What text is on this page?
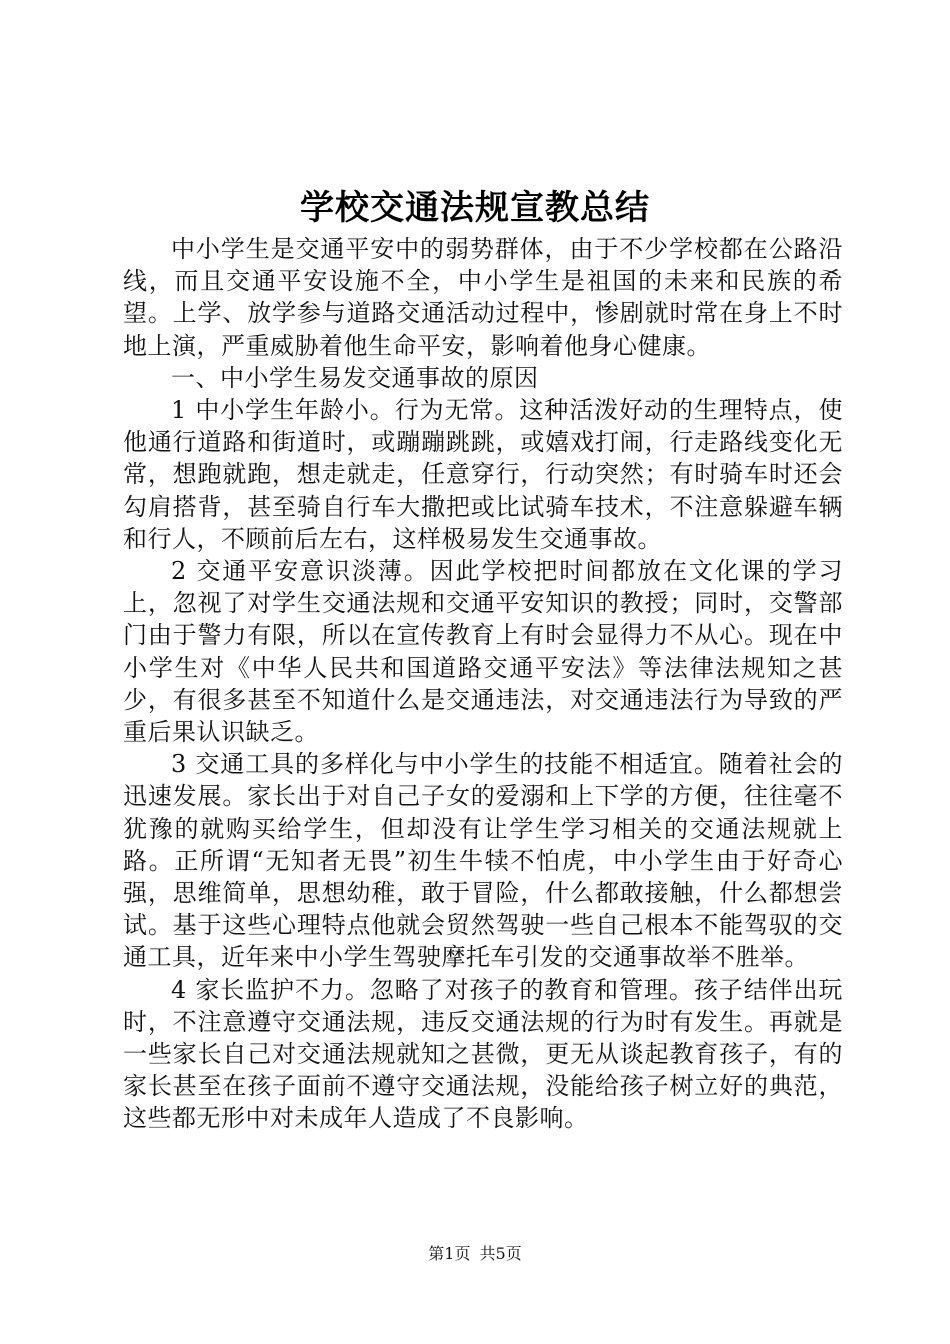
学校交通法规宣教总结

中小学生是交通平安中的弱势群体，由于不少学校都在公路沿线，而且交通平安设施不全，中小学生是祖国的未来和民族的希望。上学、放学参与道路交通活动过程中，惨剧就时常在身上不时地上演，严重威胁着他生命平安，影响着他身心健康。

一、中小学生易发交通事故的原因

1 中小学生年龄小。行为无常。这种活泼好动的生理特点，使他通行道路和街道时，或蹦蹦跳跳，或嬉戏打闹，行走路线变化无常，想跑就跑，想走就走，任意穿行，行动突然；有时骑车时还会勾肩搭背，甚至骑自行车大撒把或比试骑车技术，不注意躲避车辆和行人，不顾前后左右，这样极易发生交通事故。

2 交通平安意识淡薄。因此学校把时间都放在文化课的学习上，忽视了对学生交通法规和交通平安知识的教授；同时，交警部门由于警力有限，所以在宣传教育上有时会显得力不从心。现在中小学生对《中华人民共和国道路交通平安法》等法律法规知之甚少，有很多甚至不知道什么是交通违法，对交通违法行为导致的严重后果认识缺乏。

3 交通工具的多样化与中小学生的技能不相适宜。随着社会的迅速发展。家长出于对自己子女的爱溺和上下学的方便，往往毫不犹豫的就购买给学生，但却没有让学生学习相关的交通法规就上路。正所谓“无知者无畏”初生牛犊不怕虎，中小学生由于好奇心强，思维简单，思想幼稚，敢于冒险，什么都敢接触，什么都想尝试。基于这些心理特点他就会贸然驾驶一些自己根本不能驾驭的交通工具，近年来中小学生驾驶摩托车引发的交通事故举不胜举。

4 家长监护不力。忽略了对孩子的教育和管理。孩子结伴出玩时，不注意遵守交通法规，违反交通法规的行为时有发生。再就是一些家长自己对交通法规就知之甚微，更无从谈起教育孩子，有的家长甚至在孩子面前不遵守交通法规，没能给孩子树立好的典范，这些都无形中对未成年人造成了不良影响。

第1页 共5页
